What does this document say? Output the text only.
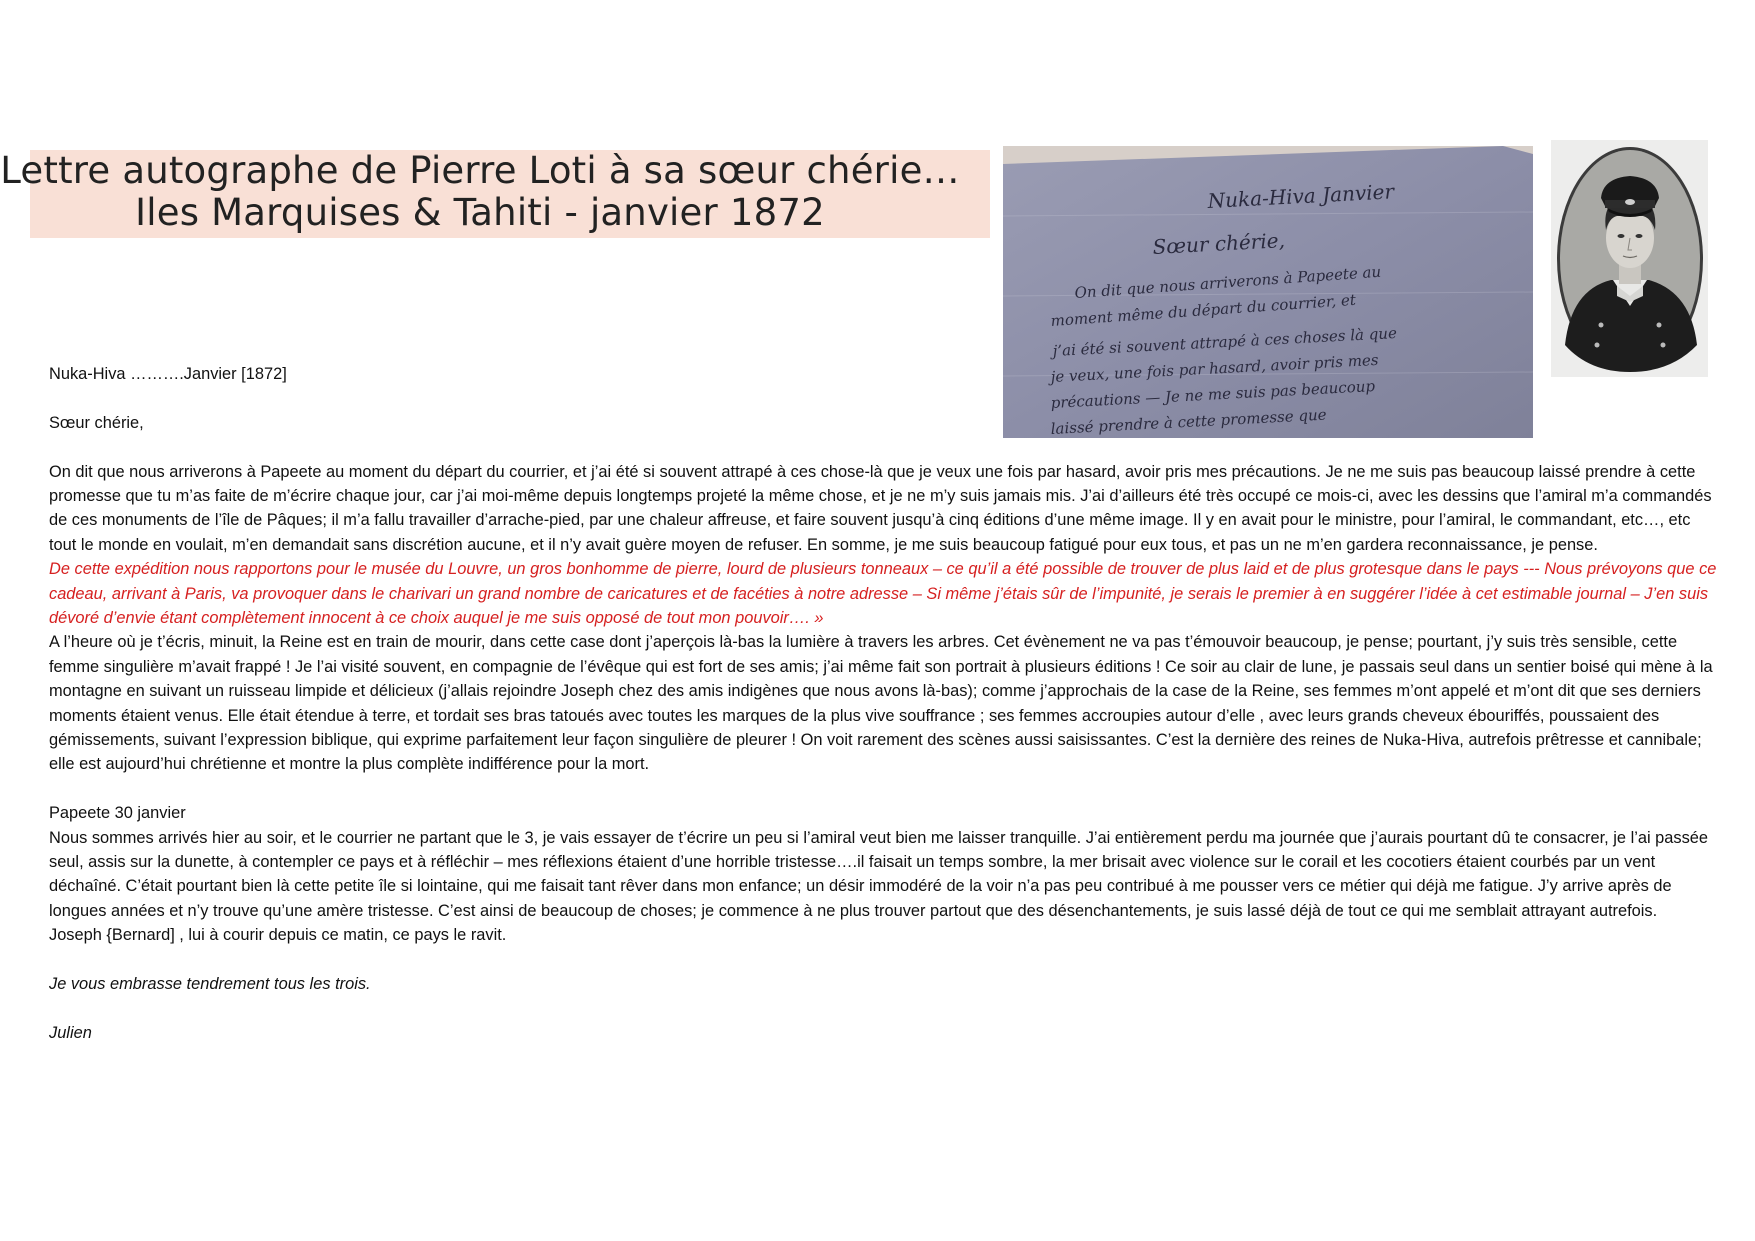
Lettre autographe de Pierre Loti à sa sœur chérie…
Iles Marquises & Tahiti - janvier 1872	Nuka-Hiva Janvier
Sœur chérie,
On dit que nous arriverons à Papeete au
moment même du départ du courrier, et
j’ai été si souvent attrapé à ces choses là que
je veux, une fois par hasard, avoir pris mes
précautions — Je ne me suis pas beaucoup
laissé prendre à cette promesse que

Nuka-Hiva ……….Janvier [1872]

Sœur chérie,

On dit que nous arriverons à Papeete au moment du départ du courrier, et j’ai été si souvent attrapé à ces chose-là que je veux une fois par hasard, avoir pris mes précautions. Je ne me suis pas beaucoup laissé prendre à cette promesse que tu m’as faite de m’écrire chaque jour, car j’ai moi-même depuis longtemps projeté la même chose, et je ne m’y suis jamais mis. J’ai d’ailleurs été très occupé ce mois-ci, avec les dessins que l’amiral m’a commandés de ces monuments de l’île de Pâques; il m’a fallu travailler d’arrache-pied, par une chaleur affreuse, et faire souvent jusqu’à cinq éditions d’une même image. Il y en avait pour le ministre, pour l’amiral, le commandant, etc…, etc tout le monde en voulait, m’en demandait sans discrétion aucune, et il n’y avait guère moyen de refuser. En somme, je me suis beaucoup fatigué pour eux tous, et pas un ne m’en gardera reconnaissance, je pense.

De cette expédition nous rapportons pour le musée du Louvre, un gros bonhomme de pierre, lourd de plusieurs tonneaux – ce qu’il a été possible de trouver de plus laid et de plus grotesque dans le pays --- Nous prévoyons que ce cadeau, arrivant à Paris, va provoquer dans le charivari un grand nombre de caricatures et de facéties à notre adresse – Si même j’étais sûr de l’impunité, je serais le premier à en suggérer l’idée à cet estimable journal – J’en suis dévoré d’envie étant complètement innocent à ce choix auquel je me suis opposé de tout mon pouvoir…. »

A l’heure où je t’écris, minuit, la Reine est en train de mourir, dans cette case dont j’aperçois là-bas la lumière à travers les arbres. Cet évènement ne va pas t’émouvoir beaucoup, je pense; pourtant, j’y suis très sensible, cette femme singulière m’avait frappé ! Je l’ai visité souvent, en compagnie de l’évêque qui est fort de ses amis; j’ai même fait son portrait à plusieurs éditions ! Ce soir au clair de lune, je passais seul dans un sentier boisé qui mène à la montagne en suivant un ruisseau limpide et délicieux (j’allais rejoindre Joseph chez des amis indigènes que nous avons là-bas); comme j’approchais de la case de la Reine, ses femmes m’ont appelé et m’ont dit que ses derniers moments étaient venus. Elle était étendue à terre, et tordait ses bras tatoués avec toutes les marques de la plus vive souffrance ; ses femmes accroupies autour d’elle , avec leurs grands cheveux ébouriffés, poussaient des gémissements, suivant l’expression biblique, qui exprime parfaitement leur façon singulière de pleurer ! On voit rarement des scènes aussi saisissantes. C’est la dernière des reines de Nuka-Hiva, autrefois prêtresse et cannibale; elle est aujourd’hui chrétienne et montre la plus complète indifférence pour la mort.

Papeete 30 janvier

Nous sommes arrivés hier au soir, et le courrier ne partant que le 3, je vais essayer de t’écrire un peu si l’amiral veut bien me laisser tranquille. J’ai entièrement perdu ma journée que j’aurais pourtant dû te consacrer, je l’ai passée seul, assis sur la dunette, à contempler ce pays et à réfléchir – mes réflexions étaient d’une horrible tristesse….il faisait un temps sombre, la mer brisait avec violence sur le corail et les cocotiers étaient courbés par un vent déchaîné. C’était pourtant bien là cette petite île si lointaine, qui me faisait tant rêver dans mon enfance; un désir immodéré de la voir n’a pas peu contribué à me pousser vers ce métier qui déjà me fatigue. J’y arrive après de longues années et n’y trouve qu’une amère tristesse. C’est ainsi de beaucoup de choses; je commence à ne plus trouver partout que des désenchantements, je suis lassé déjà de tout ce qui me semblait attrayant autrefois.

Joseph {Bernard] , lui à courir depuis ce matin, ce pays le ravit.

Je vous embrasse tendrement tous les trois.

Julien
